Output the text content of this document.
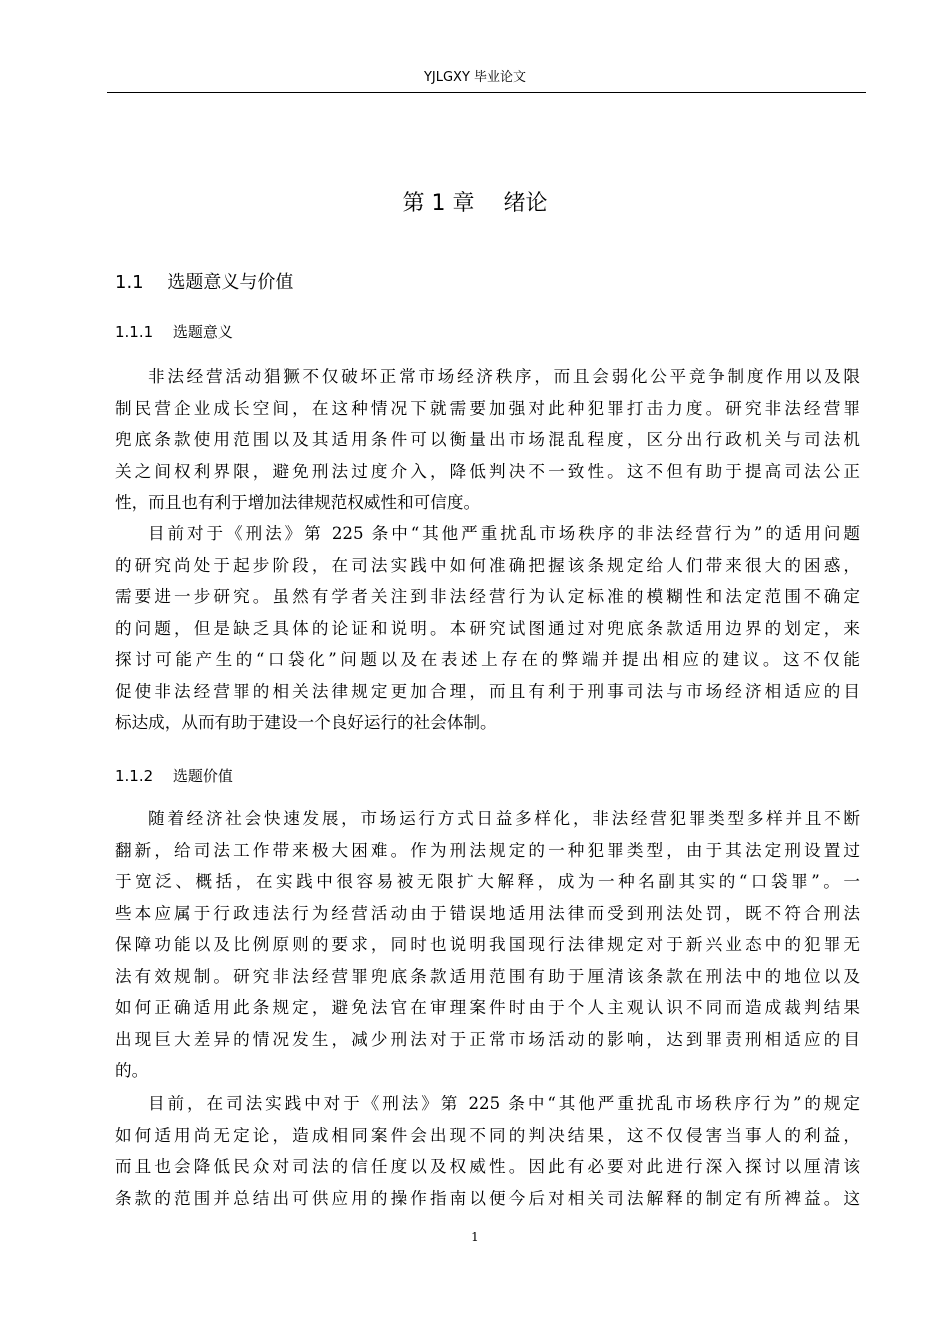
YJLGXY 毕业论文
第 1 章　 绪论
1.1　 选题意义与价值
1.1.1　 选题意义
非法经营活动猖獗不仅破坏正常市场经济秩序，而且会弱化公平竞争制度作用以及限
制民营企业成长空间，在这种情况下就需要加强对此种犯罪打击力度。研究非法经营罪
兜底条款使用范围以及其适用条件可以衡量出市场混乱程度，区分出行政机关与司法机
关之间权利界限，避免刑法过度介入，降低判决不一致性。这不但有助于提高司法公正
性，而且也有利于增加法律规范权威性和可信度。
目前对于《刑法》第 225 条中“其他严重扰乱市场秩序的非法经营行为”的适用问题
的研究尚处于起步阶段，在司法实践中如何准确把握该条规定给人们带来很大的困惑，
需要进一步研究。虽然有学者关注到非法经营行为认定标准的模糊性和法定范围不确定
的问题，但是缺乏具体的论证和说明。本研究试图通过对兜底条款适用边界的划定，来
探讨可能产生的“口袋化”问题以及在表述上存在的弊端并提出相应的建议。这不仅能
促使非法经营罪的相关法律规定更加合理，而且有利于刑事司法与市场经济相适应的目
标达成，从而有助于建设一个良好运行的社会体制。
1.1.2　 选题价值
随着经济社会快速发展，市场运行方式日益多样化，非法经营犯罪类型多样并且不断
翻新，给司法工作带来极大困难。作为刑法规定的一种犯罪类型，由于其法定刑设置过
于宽泛、概括，在实践中很容易被无限扩大解释，成为一种名副其实的“口袋罪”。一
些本应属于行政违法行为经营活动由于错误地适用法律而受到刑法处罚，既不符合刑法
保障功能以及比例原则的要求，同时也说明我国现行法律规定对于新兴业态中的犯罪无
法有效规制。研究非法经营罪兜底条款适用范围有助于厘清该条款在刑法中的地位以及
如何正确适用此条规定，避免法官在审理案件时由于个人主观认识不同而造成裁判结果
出现巨大差异的情况发生，减少刑法对于正常市场活动的影响，达到罪责刑相适应的目
的。
目前，在司法实践中对于《刑法》第 225 条中“其他严重扰乱市场秩序行为”的规定
如何适用尚无定论，造成相同案件会出现不同的判决结果，这不仅侵害当事人的利益，
而且也会降低民众对司法的信任度以及权威性。因此有必要对此进行深入探讨以厘清该
条款的范围并总结出可供应用的操作指南以便今后对相关司法解释的制定有所裨益。这
1
